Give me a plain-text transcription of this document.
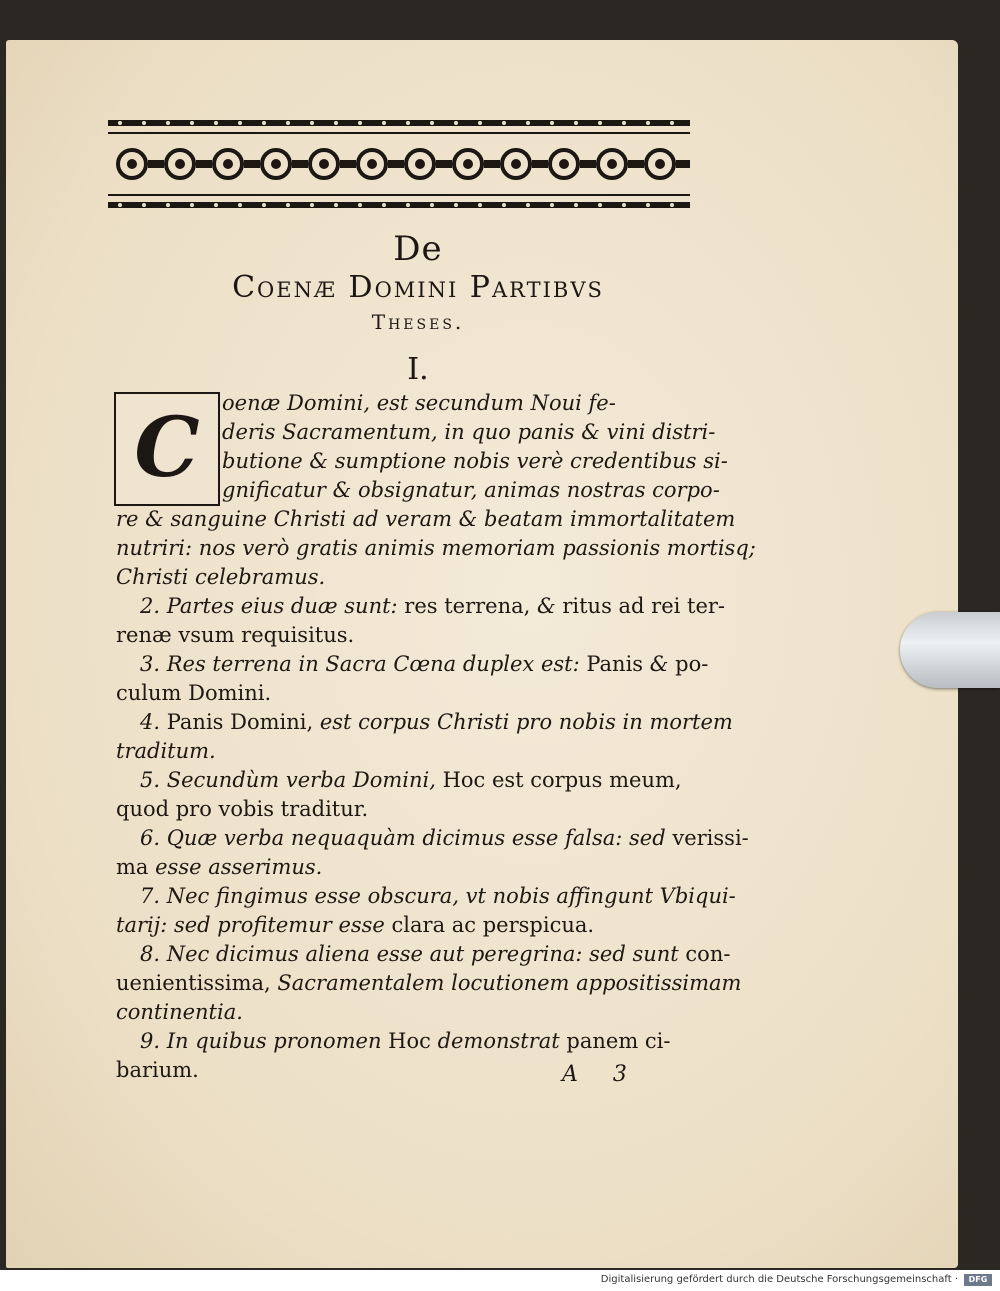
De
Coenæ Domini Partibvs
Theses.
I.
C	oenæ Domini, est secundum Noui fe-
deris Sacramentum, in quo panis & vini distri-
butione & sumptione nobis verè credentibus si-
gnificatur & obsignatur, animas nostras corpo-
re & sanguine Christi ad veram & beatam immortalitatem
nutriri: nos verò gratis animis memoriam passionis mortisq;
Christi celebramus.
2. Partes eius duæ sunt: res terrena, & ritus ad rei ter-
renæ vsum requisitus.
3. Res terrena in Sacra Cœna duplex est: Panis & po-
culum Domini.
4. Panis Domini, est corpus Christi pro nobis in mortem
traditum.
5. Secundùm verba Domini, Hoc est corpus meum,
quod pro vobis traditur.
6. Quæ verba nequaquàm dicimus esse falsa: sed verissi-
ma esse asserimus.
7. Nec fingimus esse obscura, vt nobis affingunt Vbiqui-
tarij: sed profitemur esse clara ac perspicua.
8. Nec dicimus aliena esse aut peregrina: sed sunt con-
uenientissima, Sacramentalem locutionem appositissimam
continentia.
9. In quibus pronomen Hoc demonstrat panem ci-
barium.	A 3
Digitalisierung gefördert durch die Deutsche Forschungsgemeinschaft ·	DFG
